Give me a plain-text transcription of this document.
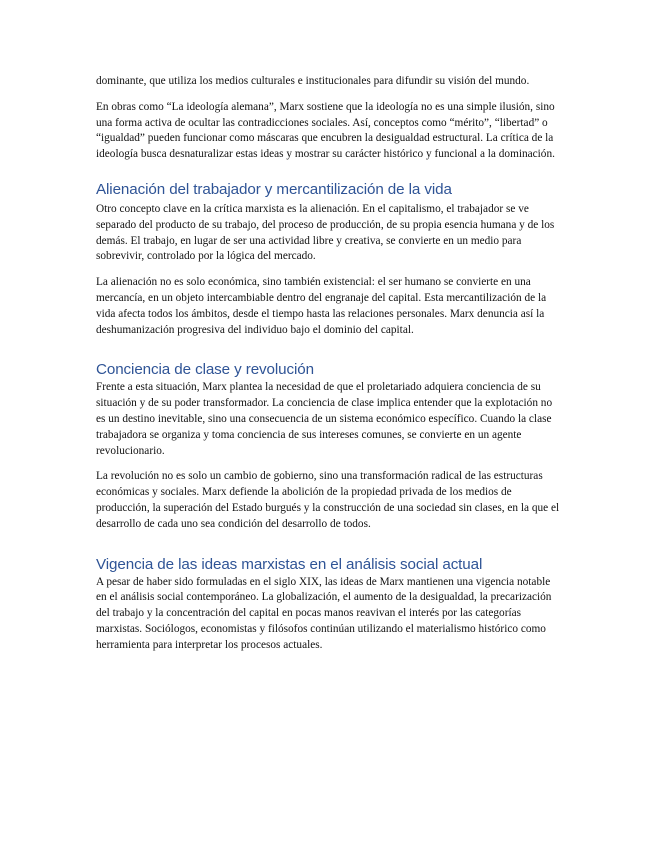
dominante, que utiliza los medios culturales e institucionales para difundir su visión del mundo.

En obras como “La ideología alemana”, Marx sostiene que la ideología no es una simple ilusión, sino una forma activa de ocultar las contradicciones sociales. Así, conceptos como “mérito”, “libertad” o “igualdad” pueden funcionar como máscaras que encubren la desigualdad estructural. La crítica de la ideología busca desnaturalizar estas ideas y mostrar su carácter histórico y funcional a la dominación.

Alienación del trabajador y mercantilización de la vida

Otro concepto clave en la crítica marxista es la alienación. En el capitalismo, el trabajador se ve separado del producto de su trabajo, del proceso de producción, de su propia esencia humana y de los demás. El trabajo, en lugar de ser una actividad libre y creativa, se convierte en un medio para sobrevivir, controlado por la lógica del mercado.

La alienación no es solo económica, sino también existencial: el ser humano se convierte en una mercancía, en un objeto intercambiable dentro del engranaje del capital. Esta mercantilización de la vida afecta todos los ámbitos, desde el tiempo hasta las relaciones personales. Marx denuncia así la deshumanización progresiva del individuo bajo el dominio del capital.

Conciencia de clase y revolución

Frente a esta situación, Marx plantea la necesidad de que el proletariado adquiera conciencia de su situación y de su poder transformador. La conciencia de clase implica entender que la explotación no es un destino inevitable, sino una consecuencia de un sistema económico específico. Cuando la clase trabajadora se organiza y toma conciencia de sus intereses comunes, se convierte en un agente revolucionario.

La revolución no es solo un cambio de gobierno, sino una transformación radical de las estructuras económicas y sociales. Marx defiende la abolición de la propiedad privada de los medios de producción, la superación del Estado burgués y la construcción de una sociedad sin clases, en la que el desarrollo de cada uno sea condición del desarrollo de todos.

Vigencia de las ideas marxistas en el análisis social actual

A pesar de haber sido formuladas en el siglo XIX, las ideas de Marx mantienen una vigencia notable en el análisis social contemporáneo. La globalización, el aumento de la desigualdad, la precarización del trabajo y la concentración del capital en pocas manos reavivan el interés por las categorías marxistas. Sociólogos, economistas y filósofos continúan utilizando el materialismo histórico como herramienta para interpretar los procesos actuales.
